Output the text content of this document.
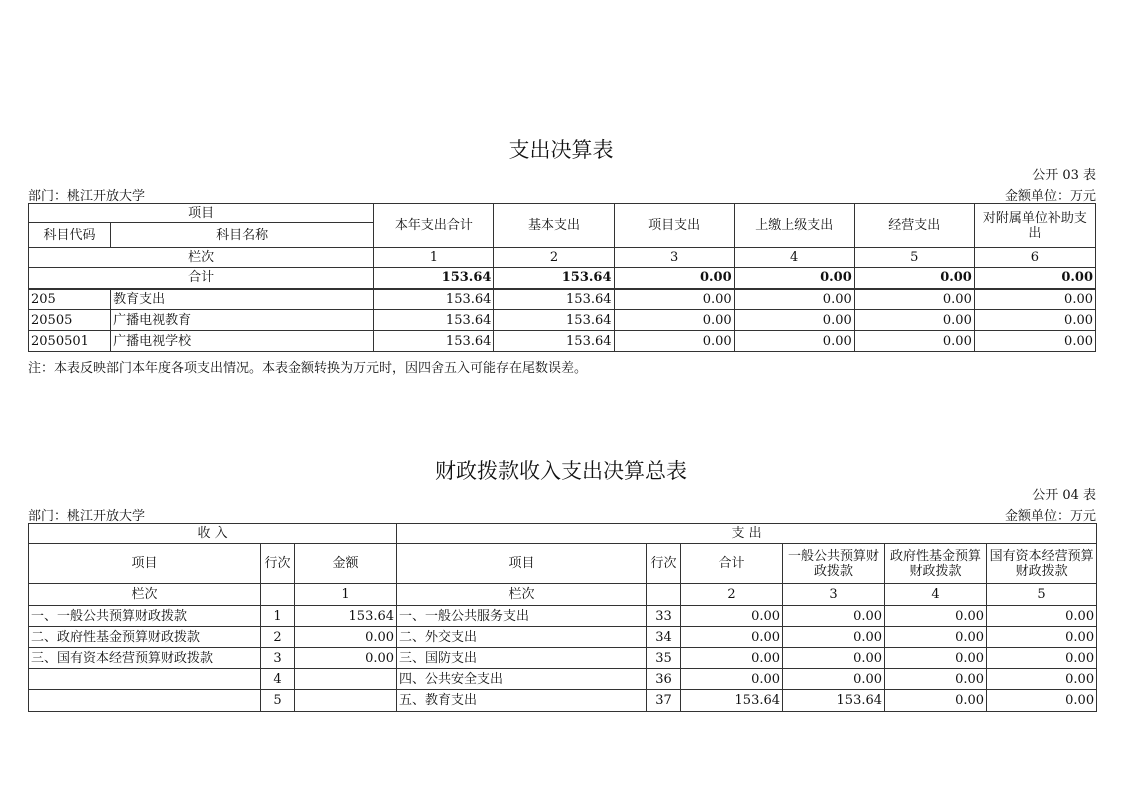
支出决算表
公开 03 表
部门：桃江开放大学	金额单位：万元
项目		本年支出合计	基本支出	项目支出	上缴上级支出	经营支出	对附属单位补助支出
科目代码	科目名称						
栏次		1	2	3	4	5	6
合计		153.64	153.64	0.00	0.00	0.00	0.00
205	教育支出	153.64	153.64	0.00	0.00	0.00	0.00
20505	广播电视教育	153.64	153.64	0.00	0.00	0.00	0.00
2050501	广播电视学校	153.64	153.64	0.00	0.00	0.00	0.00
注：本表反映部门本年度各项支出情况。本表金额转换为万元时，因四舍五入可能存在尾数误差。
财政拨款收入支出决算总表
公开 04 表
部门：桃江开放大学	金额单位：万元
收 入			支 出					
项目	行次	金额	项目	行次	合计	一般公共预算财政拨款	政府性基金预算财政拨款	国有资本经营预算财政拨款
栏次		1	栏次		2	3	4	5
一、一般公共预算财政拨款	1	153.64	一、一般公共服务支出	33	0.00	0.00	0.00	0.00
二、政府性基金预算财政拨款	2	0.00	二、外交支出	34	0.00	0.00	0.00	0.00
三、国有资本经营预算财政拨款	3	0.00	三、国防支出	35	0.00	0.00	0.00	0.00
	4		四、公共安全支出	36	0.00	0.00	0.00	0.00
	5		五、教育支出	37	153.64	153.64	0.00	0.00
